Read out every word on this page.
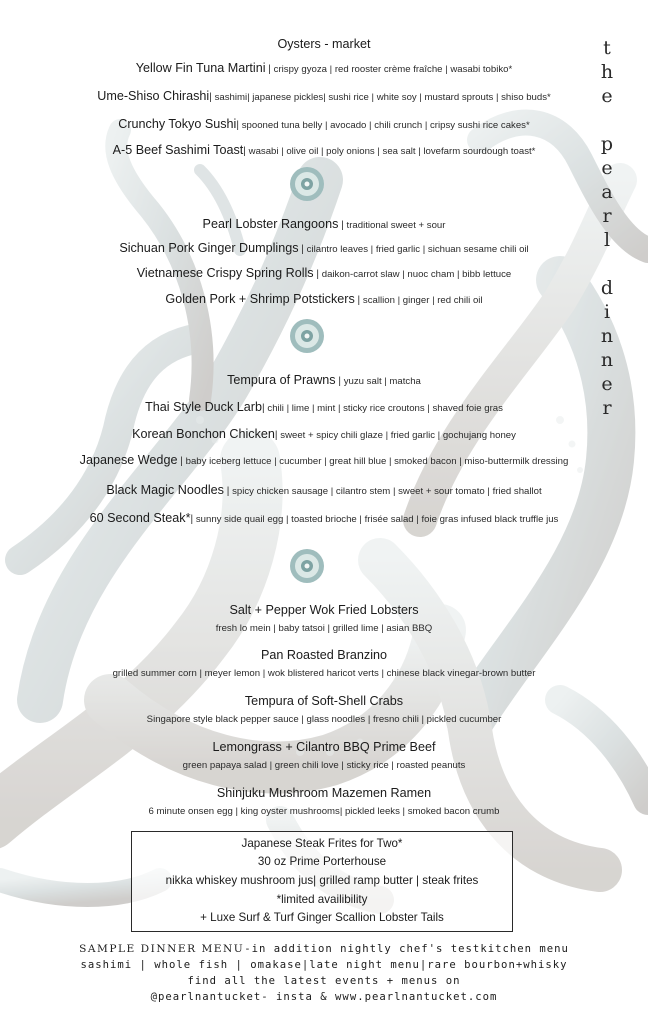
t
h
e

p
e
a
r
l

d
i
n
n
e
r
Oysters - market
Yellow Fin Tuna Martini | crispy gyoza | red rooster crème fraîche | wasabi tobiko*
Ume-Shiso Chirashi| sashimi| japanese pickles| sushi rice | white soy | mustard sprouts | shiso buds*
Crunchy Tokyo Sushi| spooned tuna belly | avocado | chili crunch | cripsy sushi rice cakes*
A-5 Beef Sashimi Toast| wasabi | olive oil | poly onions | sea salt | lovefarm sourdough toast*
Pearl Lobster Rangoons | traditional sweet + sour
Sichuan Pork Ginger Dumplings | cilantro leaves | fried garlic | sichuan sesame chili oil
Vietnamese Crispy Spring Rolls | daikon-carrot slaw | nuoc cham | bibb lettuce
Golden Pork + Shrimp Potstickers | scallion | ginger | red chili oil
Tempura of Prawns | yuzu salt | matcha
Thai Style Duck Larb| chili | lime | mint | sticky rice croutons | shaved foie gras
Korean Bonchon Chicken| sweet + spicy chili glaze | fried garlic | gochujang honey
Japanese Wedge | baby iceberg lettuce | cucumber | great hill blue | smoked bacon | miso-buttermilk dressing
Black Magic Noodles | spicy chicken sausage | cilantro stem | sweet + sour tomato | fried shallot
60 Second Steak*| sunny side quail egg | toasted brioche | frisée salad | foie gras infused black truffle jus
Salt + Pepper Wok Fried Lobsters
fresh lo mein | baby tatsoi | grilled lime | asian BBQ
Pan Roasted Branzino
grilled summer corn | meyer lemon | wok blistered haricot verts | chinese black vinegar-brown butter
Tempura of Soft-Shell Crabs
Singapore style black pepper sauce | glass noodles | fresno chili | pickled cucumber
Lemongrass + Cilantro BBQ Prime Beef
green papaya salad | green chili love | sticky rice | roasted peanuts
Shinjuku Mushroom Mazemen Ramen
6 minute onsen egg | king oyster mushrooms| pickled leeks | smoked bacon crumb
Japanese Steak Frites for Two*
30 oz Prime Porterhouse
nikka whiskey mushroom jus| grilled ramp butter | steak frites
*limited availibility
+ Luxe Surf & Turf Ginger Scallion Lobster Tails
SAMPLE DINNER MENU-in addition nightly chef's testkitchen menu
sashimi | whole fish | omakase|late night menu|rare bourbon+whisky
find all the latest events + menus on
@pearlnantucket- insta & www.pearlnantucket.com
